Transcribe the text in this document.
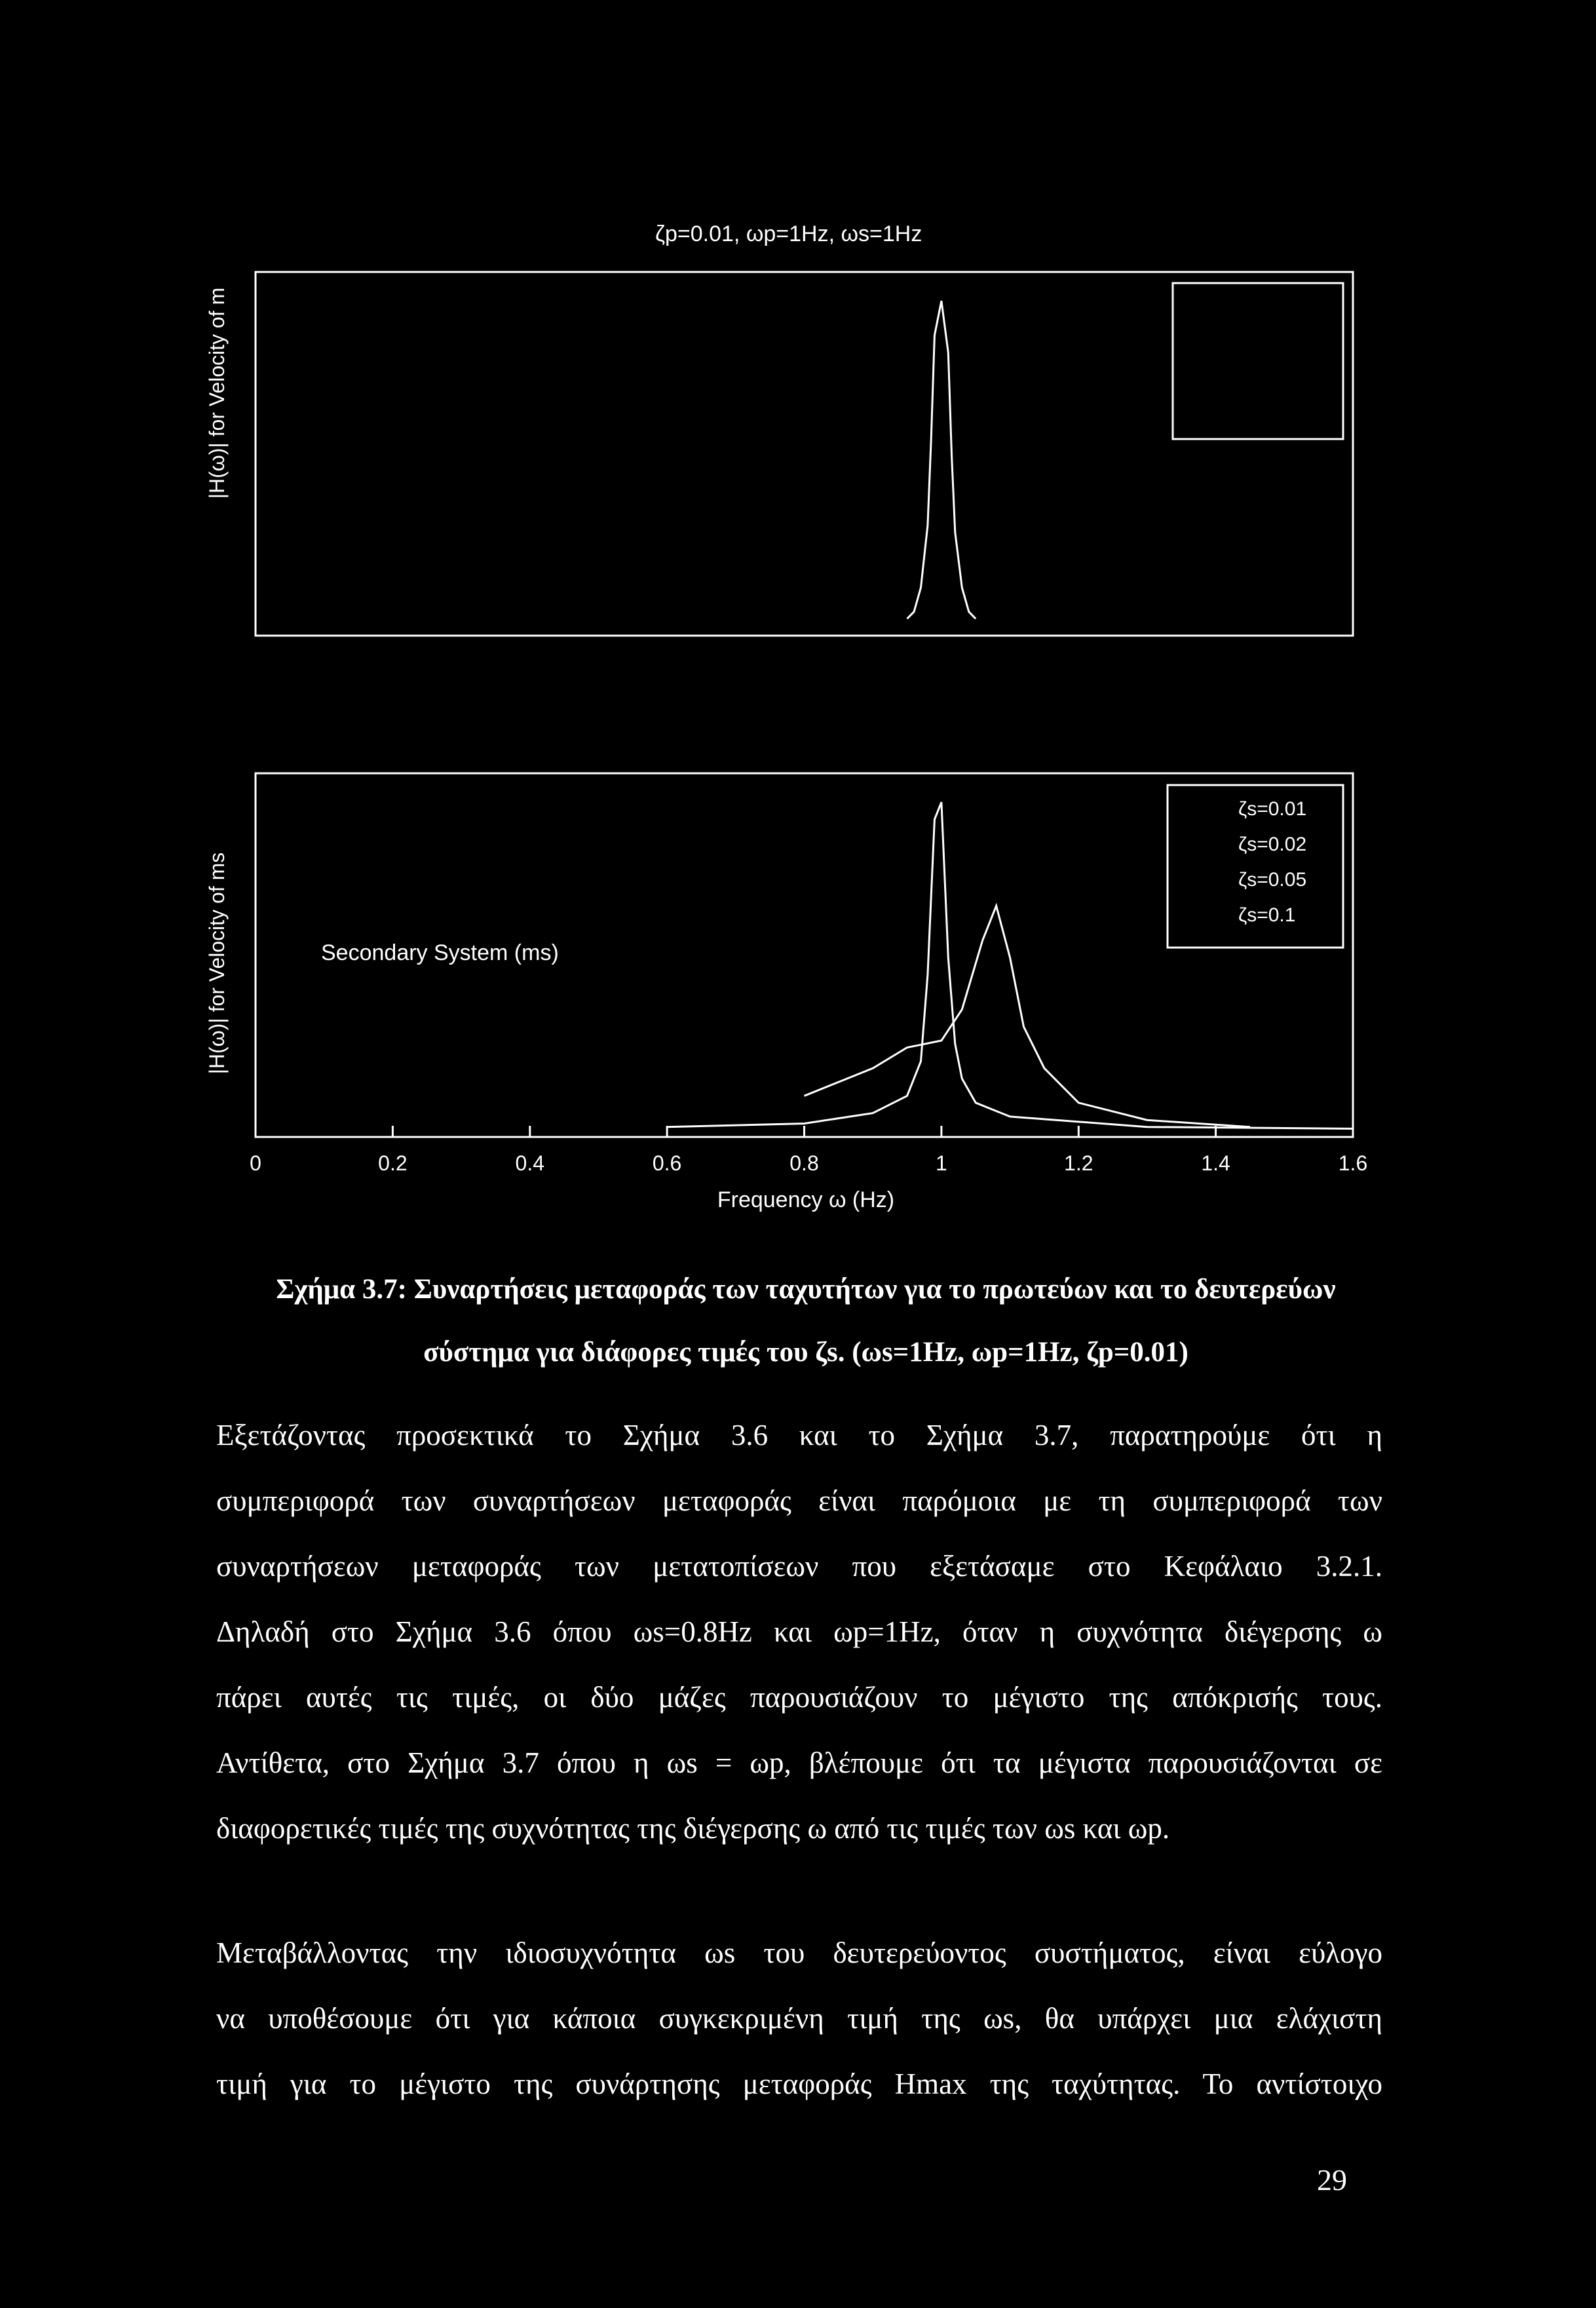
ζp=0.01, ωp=1Hz, ωs=1Hz
|H(ω)| for Velocity of m
|H(ω)| for Velocity of ms	Secondary System (ms)
ζs=0.01
ζs=0.02
ζs=0.05
ζs=0.1
0	0.2	0.4	0.6	0.8	1	1.2	1.4	1.6
Frequency ω (Hz)
Σχήμα 3.7: Συναρτήσεις μεταφοράς των ταχυτήτων για το πρωτεύων και το δευτερεύων
σύστημα για διάφορες τιμές του ζs. (ωs=1Hz, ωp=1Hz, ζp=0.01)
Εξετάζοντας προσεκτικά το Σχήμα 3.6 και το Σχήμα 3.7, παρατηρούμε ότι η
συμπεριφορά των συναρτήσεων μεταφοράς είναι παρόμοια με τη συμπεριφορά των
συναρτήσεων μεταφοράς των μετατοπίσεων που εξετάσαμε στο Κεφάλαιο 3.2.1.
Δηλαδή στο Σχήμα 3.6 όπου ωs=0.8Hz και ωp=1Hz, όταν η συχνότητα διέγερσης ω
πάρει αυτές τις τιμές, οι δύο μάζες παρουσιάζουν το μέγιστο της απόκρισής τους.
Αντίθετα, στο Σχήμα 3.7 όπου η ωs = ωp, βλέπουμε ότι τα μέγιστα παρουσιάζονται σε
διαφορετικές τιμές της συχνότητας της διέγερσης ω από τις τιμές των ωs και ωp.
Μεταβάλλοντας την ιδιοσυχνότητα ωs του δευτερεύοντος συστήματος, είναι εύλογο
να υποθέσουμε ότι για κάποια συγκεκριμένη τιμή της ωs, θα υπάρχει μια ελάχιστη
τιμή για το μέγιστο της συνάρτησης μεταφοράς Hmax της ταχύτητας. Το αντίστοιχο
29
